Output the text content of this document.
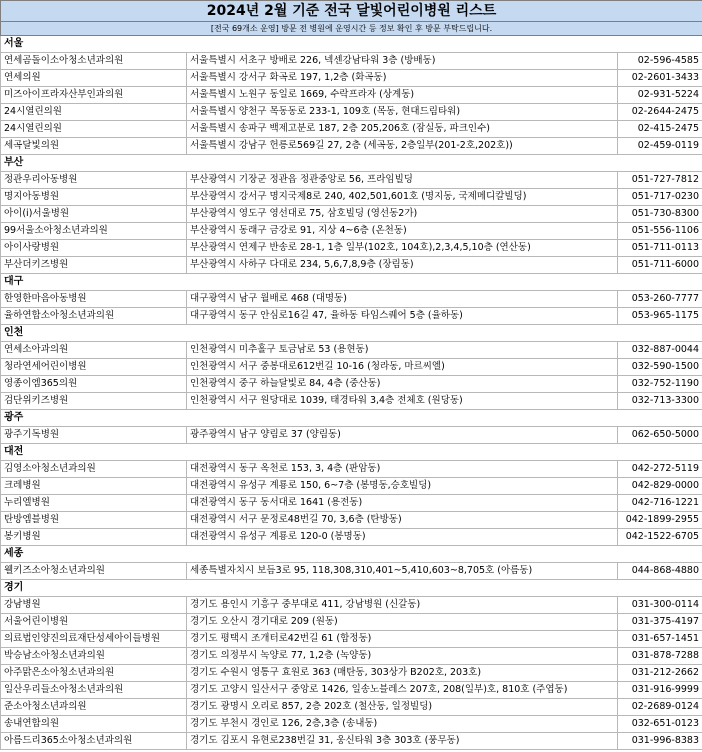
2024년 2월 기준 전국 달빛어린이병원 리스트		
[전국 69개소 운영] 방문 전 병원에 운영시간 등 정보 확인 후 방문 부탁드립니다.		
서울		
연세곰돌이소아청소년과의원	서울특별시 서초구 방배로 226, 넥센강남타워 3층 (방배동)	02-596-4585
연세의원	서울특별시 강서구 화곡로 197, 1,2층 (화곡동)	02-2601-3433
미즈아이프라자산부인과의원	서울특별시 노원구 동일로 1669, 수락프라자 (상계동)	02-931-5224
24시열린의원	서울특별시 양천구 목동동로 233-1, 109호 (목동, 현대드림타워)	02-2644-2475
24시열린의원	서울특별시 송파구 백제고분로 187, 2층 205,206호 (잠실동, 파크인수)	02-415-2475
세곡달빛의원	서울특별시 강남구 헌릉로569길 27, 2층 (세곡동, 2층일부(201-2호,202호))	02-459-0119
부산		
정관우리아동병원	부산광역시 기장군 정관읍 정관중앙로 56, 프라임빌딩	051-727-7812
명지아동병원	부산광역시 강서구 명지국제8로 240, 402,501,601호 (명지동, 국제메디칼빌딩)	051-717-0230
아이(i)서울병원	부산광역시 영도구 영선대로 75, 삼호빌딩 (영선동2가)	051-730-8300
99서울소아청소년과의원	부산광역시 동래구 금강로 91, 지상 4~6층 (온천동)	051-556-1106
아이사랑병원	부산광역시 연제구 반송로 28-1, 1층 일부(102호, 104호),2,3,4,5,10층 (연산동)	051-711-0113
부산더키즈병원	부산광역시 사하구 다대로 234, 5,6,7,8,9층 (장림동)	051-711-6000
대구		
한영한마음아동병원	대구광역시 남구 월배로 468 (대명동)	053-260-7777
율하연합소아청소년과의원	대구광역시 동구 안심로16길 47, 율하동 타임스퀘어 5층 (율하동)	053-965-1175
인천		
연세소아과의원	인천광역시 미추홀구 토금남로 53 (용현동)	032-887-0044
청라연세어린이병원	인천광역시 서구 중봉대로612번길 10-16 (청라동, 마르씨엘)	032-590-1500
영종이엠365의원	인천광역시 중구 하늘달빛로 84, 4층 (중산동)	032-752-1190
검단위키즈병원	인천광역시 서구 원당대로 1039, 태경타워 3,4층 전체호 (원당동)	032-713-3300
광주		
광주기독병원	광주광역시 남구 양림로 37 (양림동)	062-650-5000
대전		
김영소아청소년과의원	대전광역시 동구 옥천로 153, 3, 4층 (판암동)	042-272-5119
크레병원	대전광역시 유성구 계룡로 150, 6~7층 (봉명동,승호빌딩)	042-829-0000
누리엘병원	대전광역시 동구 동서대로 1641 (용전동)	042-716-1221
탄방엠블병원	대전광역시 서구 문정로48번길 70, 3,6층 (탄방동)	042-1899-2955
봉키병원	대전광역시 유성구 계룡로 120-0 (봉명동)	042-1522-6705
세종		
웰키즈소아청소년과의원	세종특별자치시 보듬3로 95, 118,308,310,401~5,410,603~8,705호 (아름동)	044-868-4880
경기		
강남병원	경기도 용인시 기흥구 중부대로 411, 강남병원 (신갈동)	031-300-0114
서울어린이병원	경기도 오산시 경기대로 209 (원동)	031-375-4197
의료법인양진의료재단성세아이들병원	경기도 평택시 조개터로42번길 61 (합정동)	031-657-1451
박승남소아청소년과의원	경기도 의정부시 녹양로 77, 1,2층 (녹양동)	031-878-7288
아주맑은소아청소년과의원	경기도 수원시 영통구 효원로 363 (매탄동, 303상가 B202호, 203호)	031-212-2662
일산우리들소아청소년과의원	경기도 고양시 일산서구 중앙로 1426, 일송노블레스 207호, 208(일부)호, 810호 (주엽동)	031-916-9999
준소아청소년과의원	경기도 광명시 오리로 857, 2층 202호 (철산동, 일정빌딩)	02-2689-0124
송내연합의원	경기도 부천시 경인로 126, 2층,3층 (송내동)	032-651-0123
아름드리365소아청소년과의원	경기도 김포시 유현로238번길 31, 웅신타워 3층 303호 (풍무동)	031-996-8383
